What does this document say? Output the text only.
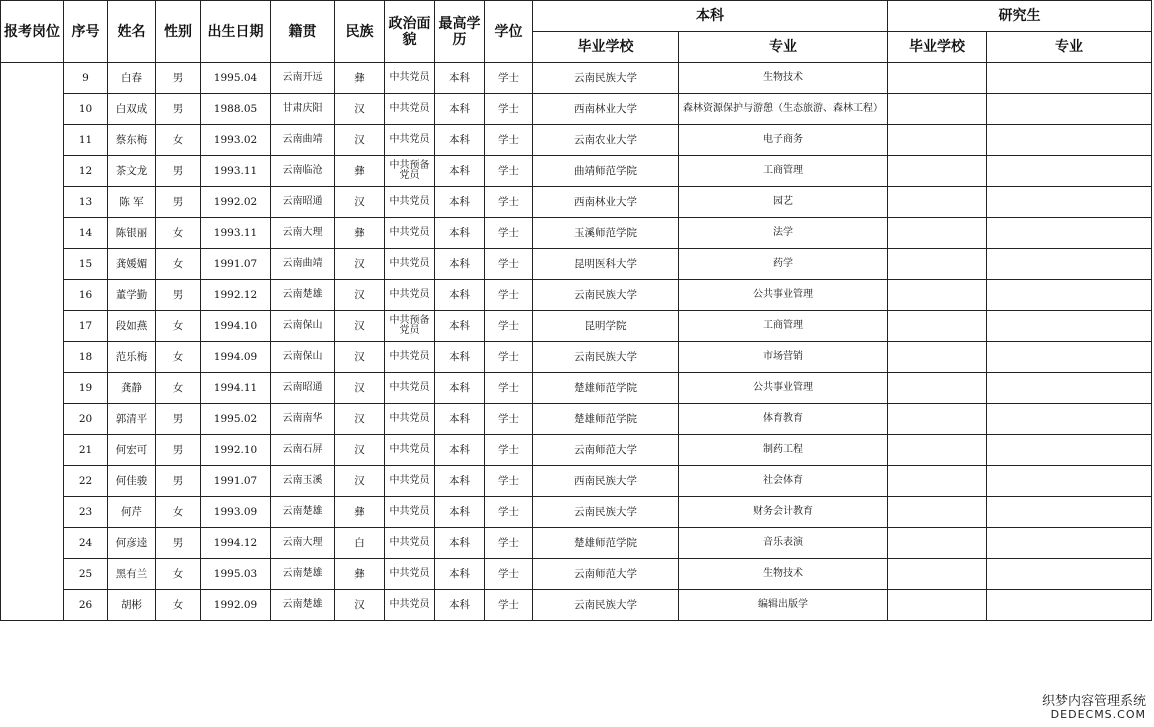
报考岗位	序号	姓名	性别	出生日期	籍贯	民族	政治面貌	最高学历	学位	本科		研究生	
										毕业学校	专业	毕业学校	专业
	9	白春	男	1995.04	云南开远	彝	中共党员	本科	学士	云南民族大学	生物技术		
	10	白双成	男	1988.05	甘肃庆阳	汉	中共党员	本科	学士	西南林业大学	森林资源保护与游憩（生态旅游、森林工程）		
	11	蔡东梅	女	1993.02	云南曲靖	汉	中共党员	本科	学士	云南农业大学	电子商务		
	12	茶文龙	男	1993.11	云南临沧	彝	中共预备党员	本科	学士	曲靖师范学院	工商管理		
	13	陈 军	男	1992.02	云南昭通	汉	中共党员	本科	学士	西南林业大学	园艺		
	14	陈银丽	女	1993.11	云南大理	彝	中共党员	本科	学士	玉溪师范学院	法学		
	15	龚媛媚	女	1991.07	云南曲靖	汉	中共党员	本科	学士	昆明医科大学	药学		
	16	董学勤	男	1992.12	云南楚雄	汉	中共党员	本科	学士	云南民族大学	公共事业管理		
	17	段如燕	女	1994.10	云南保山	汉	中共预备党员	本科	学士	昆明学院	工商管理		
	18	范乐梅	女	1994.09	云南保山	汉	中共党员	本科	学士	云南民族大学	市场营销		
	19	龚静	女	1994.11	云南昭通	汉	中共党员	本科	学士	楚雄师范学院	公共事业管理		
	20	郭清平	男	1995.02	云南南华	汉	中共党员	本科	学士	楚雄师范学院	体育教育		
	21	何宏可	男	1992.10	云南石屏	汉	中共党员	本科	学士	云南师范大学	制药工程		
	22	何佳骏	男	1991.07	云南玉溪	汉	中共党员	本科	学士	西南民族大学	社会体育		
	23	何芹	女	1993.09	云南楚雄	彝	中共党员	本科	学士	云南民族大学	财务会计教育		
	24	何彦逵	男	1994.12	云南大理	白	中共党员	本科	学士	楚雄师范学院	音乐表演		
	25	黑有兰	女	1995.03	云南楚雄	彝	中共党员	本科	学士	云南师范大学	生物技术		
	26	胡彬	女	1992.09	云南楚雄	汉	中共党员	本科	学士	云南民族大学	编辑出版学		
织梦内容管理系统
DEDECMS.COM
